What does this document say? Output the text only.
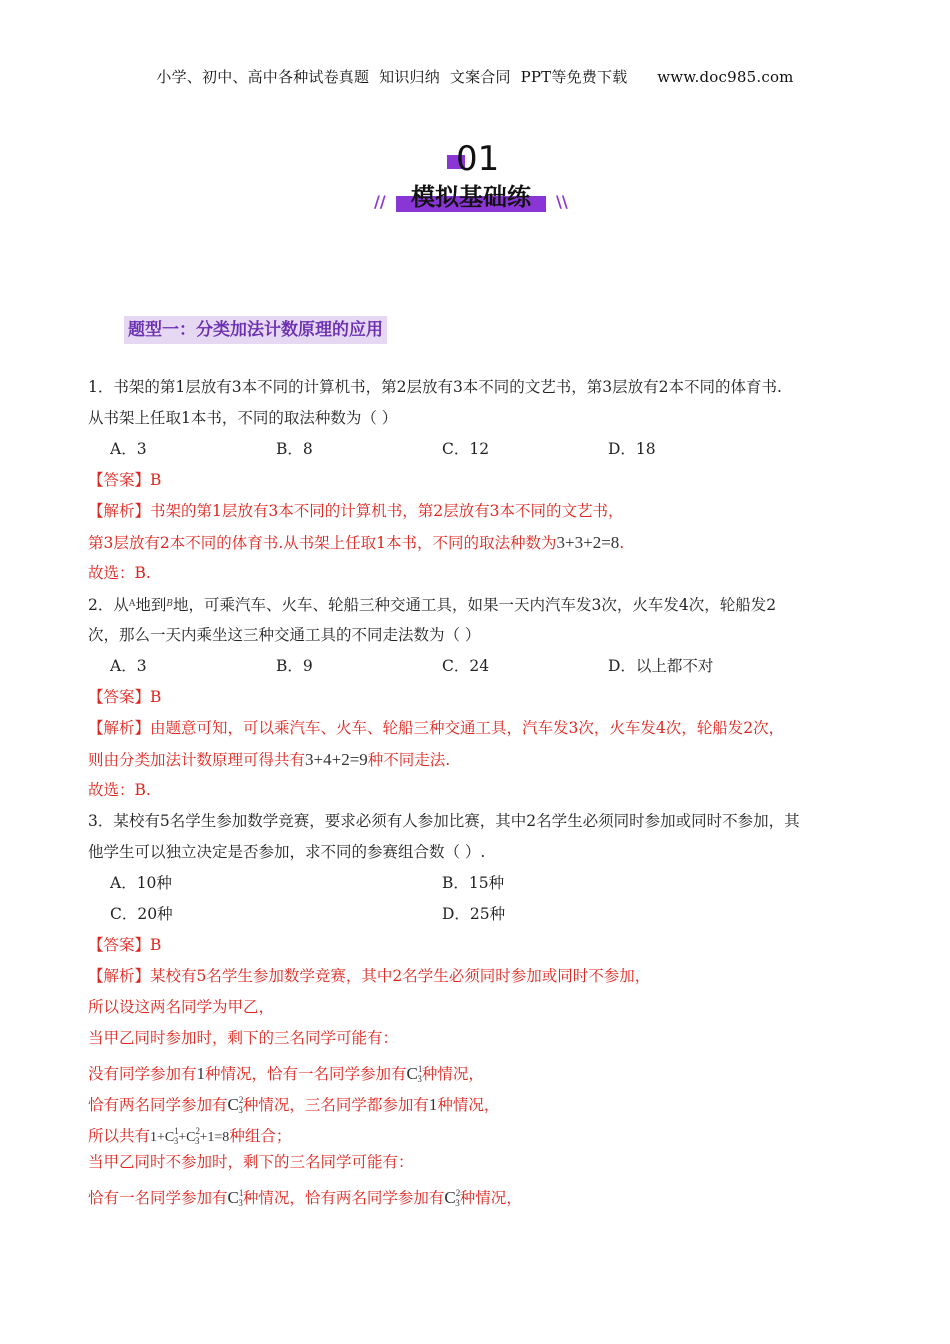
小学、初中、高中各种试卷真题  知识归纳  文案合同  PPT等免费下载      www.doc985.com
01
//	模拟基础练	\\
题型一：分类加法计数原理的应用
1．书架的第1层放有3本不同的计算机书，第2层放有3本不同的文艺书，第3层放有2本不同的体育书.
从书架上任取1本书，不同的取法种数为（ ）
A．3	B．8	C．12	D．18
【答案】B
【解析】书架的第1层放有3本不同的计算机书，第2层放有3本不同的文艺书，
第3层放有2本不同的体育书.从书架上任取1本书，不同的取法种数为3+3+2=8.
故选：B.
2．从$^A$地到$^B$地，可乘汽车、火车、轮船三种交通工具，如果一天内汽车发3次，火车发4次，轮船发2
次，那么一天内乘坐这三种交通工具的不同走法数为（ ）
A．3	B．9	C．24	D．以上都不对
【答案】B
【解析】由题意可知，可以乘汽车、火车、轮船三种交通工具，汽车发3次，火车发4次，轮船发2次，
则由分类加法计数原理可得共有3+4+2=9种不同走法.
故选：B.
3．某校有5名学生参加数学竞赛，要求必须有人参加比赛，其中2名学生必须同时参加或同时不参加，其
他学生可以独立决定是否参加，求不同的参赛组合数（ ）.
A．10种	B．15种
C．20种	D．25种
【答案】B
【解析】某校有5名学生参加数学竞赛，其中2名学生必须同时参加或同时不参加，
所以设这两名同学为甲乙，
当甲乙同时参加时，剩下的三名同学可能有：
没有同学参加有1种情况，恰有一名同学参加有$C^1_3$种情况，
恰有两名同学参加有$C^2_3$种情况，三名同学都参加有1种情况，
所以共有$1+C^1_3+C^2_3+1=8$种组合；
当甲乙同时不参加时，剩下的三名同学可能有：
恰有一名同学参加有$C^1_3$种情况，恰有两名同学参加有$C^2_3$种情况，
